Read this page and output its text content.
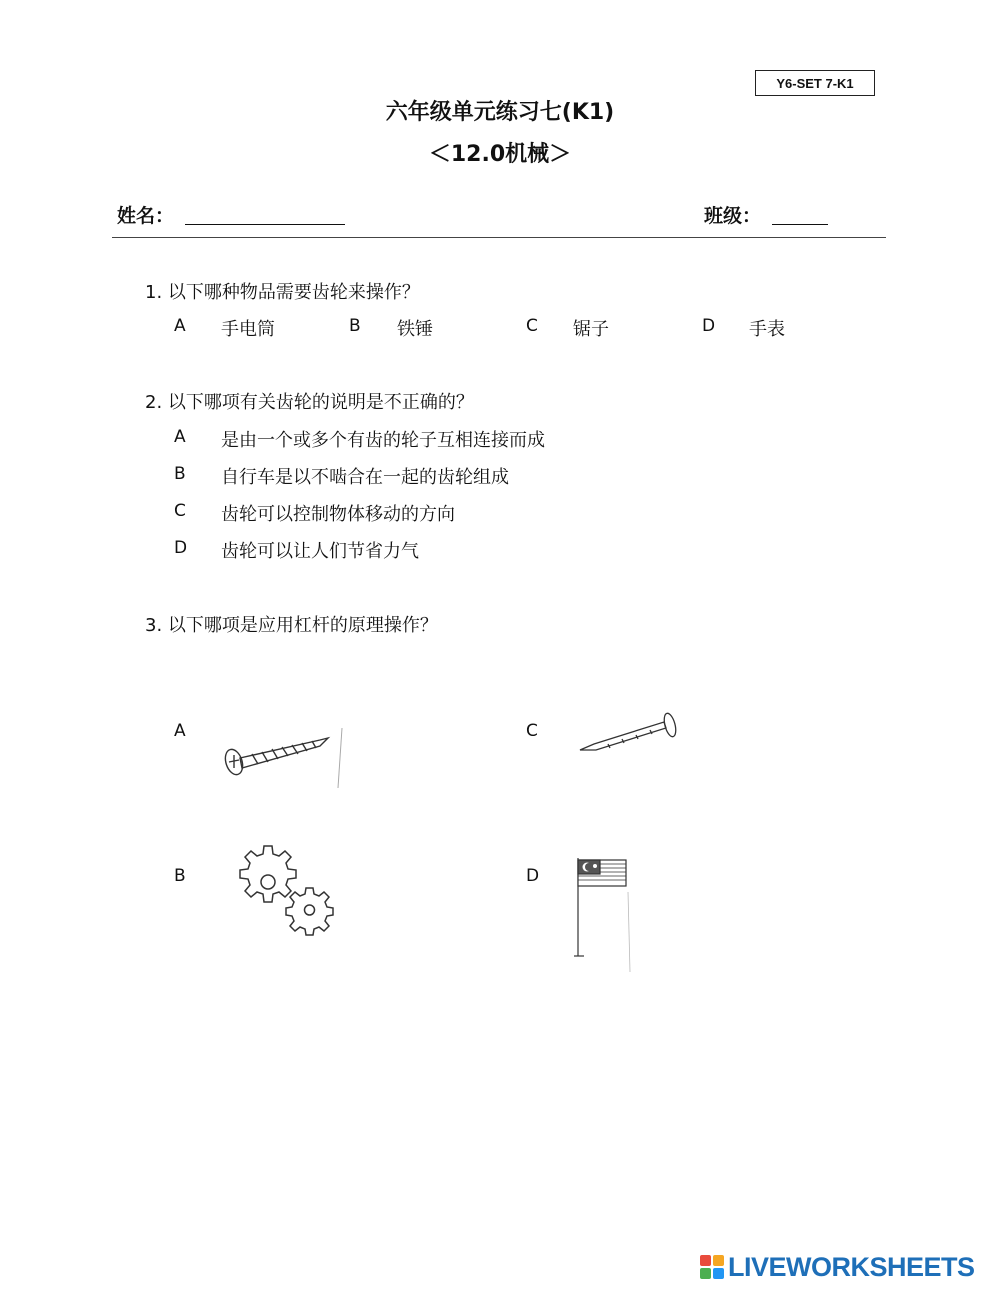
Y6-SET 7-K1
六年级单元练习七(K1)
＜12.0机械＞
姓名：	班级：
1. 以下哪种物品需要齿轮来操作？
A 手电筒	B 铁锤	C 锯子	D 手表
2. 以下哪项有关齿轮的说明是不正确的？
A 是由一个或多个有齿的轮子互相连接而成
B 自行车是以不啮合在一起的齿轮组成
C 齿轮可以控制物体移动的方向
D 齿轮可以让人们节省力气
3. 以下哪项是应用杠杆的原理操作？
A	C
B	D
LIVEWORKSHEETS
